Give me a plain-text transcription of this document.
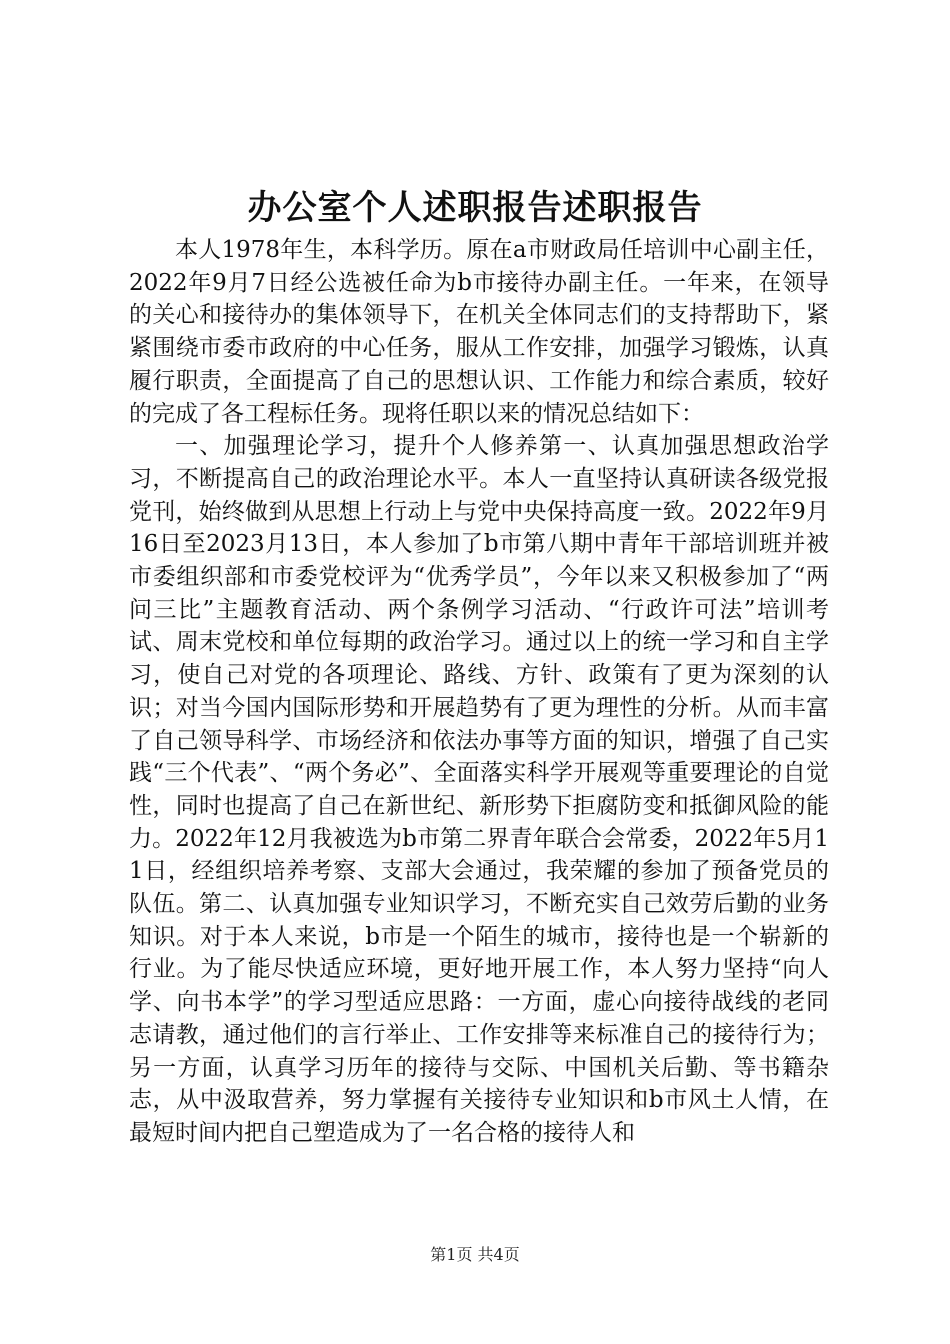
办公室个人述职报告述职报告

本人1978年生，本科学历。原在a市财政局任培训中心副主任，2022年9月7日经公选被任命为b市接待办副主任。一年来，在领导的关心和接待办的集体领导下，在机关全体同志们的支持帮助下，紧紧围绕市委市政府的中心任务，服从工作安排，加强学习锻炼，认真履行职责，全面提高了自己的思想认识、工作能力和综合素质，较好的完成了各工程标任务。现将任职以来的情况总结如下：

一、加强理论学习，提升个人修养第一、认真加强思想政治学习，不断提高自己的政治理论水平。本人一直坚持认真研读各级党报党刊，始终做到从思想上行动上与党中央保持高度一致。2022年9月16日至2023月13日，本人参加了b市第八期中青年干部培训班并被市委组织部和市委党校评为“优秀学员”，今年以来又积极参加了“两问三比”主题教育活动、两个条例学习活动、“行政许可法”培训考试、周末党校和单位每期的政治学习。通过以上的统一学习和自主学习，使自己对党的各项理论、路线、方针、政策有了更为深刻的认识；对当今国内国际形势和开展趋势有了更为理性的分析。从而丰富了自己领导科学、市场经济和依法办事等方面的知识，增强了自己实践“三个代表”、“两个务必”、全面落实科学开展观等重要理论的自觉性，同时也提高了自己在新世纪、新形势下拒腐防变和抵御风险的能力。2022年12月我被选为b市第二界青年联合会常委，2022年5月11日，经组织培养考察、支部大会通过，我荣耀的参加了预备党员的队伍。第二、认真加强专业知识学习，不断充实自己效劳后勤的业务知识。对于本人来说，b市是一个陌生的城市，接待也是一个崭新的行业。为了能尽快适应环境，更好地开展工作，本人努力坚持“向人学、向书本学”的学习型适应思路：一方面，虚心向接待战线的老同志请教，通过他们的言行举止、工作安排等来标准自己的接待行为；另一方面，认真学习历年的接待与交际、中国机关后勤、等书籍杂志，从中汲取营养，努力掌握有关接待专业知识和b市风土人情，在最短时间内把自己塑造成为了一名合格的接待人和

第1页 共4页
